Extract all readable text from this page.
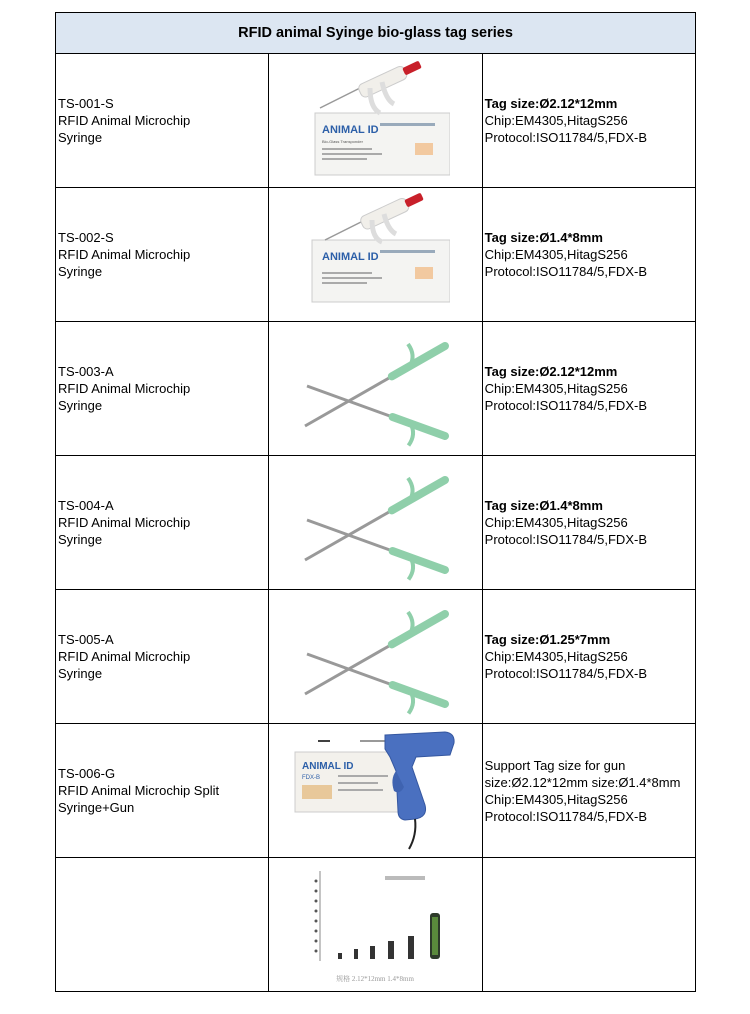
RFID animal Syinge bio-glass tag series		

TS-001-S
RFID Animal Microchip
Syringe	ANIMAL ID
Bio-Glass Transponder	Tag size:Ø2.12*12mm
Chip:EM4305,HitagS256
Protocol:ISO11784/5,FDX-B

TS-002-S
RFID Animal Microchip
Syringe	ANIMAL ID	Tag size:Ø1.4*8mm
Chip:EM4305,HitagS256
Protocol:ISO11784/5,FDX-B

TS-003-A
RFID Animal Microchip
Syringe		Tag size:Ø2.12*12mm
Chip:EM4305,HitagS256
Protocol:ISO11784/5,FDX-B

TS-004-A
RFID Animal Microchip
Syringe		Tag size:Ø1.4*8mm
Chip:EM4305,HitagS256
Protocol:ISO11784/5,FDX-B

TS-005-A
RFID Animal Microchip
Syringe		Tag size:Ø1.25*7mm
Chip:EM4305,HitagS256
Protocol:ISO11784/5,FDX-B

TS-006-G
RFID Animal Microchip Split
Syringe+Gun	ANIMAL ID
FDX-B	Support Tag size for gun
size:Ø2.12*12mm size:Ø1.4*8mm
Chip:EM4305,HitagS256
Protocol:ISO11784/5,FDX-B

规格 2.12*12mm 1.4*8mm	
